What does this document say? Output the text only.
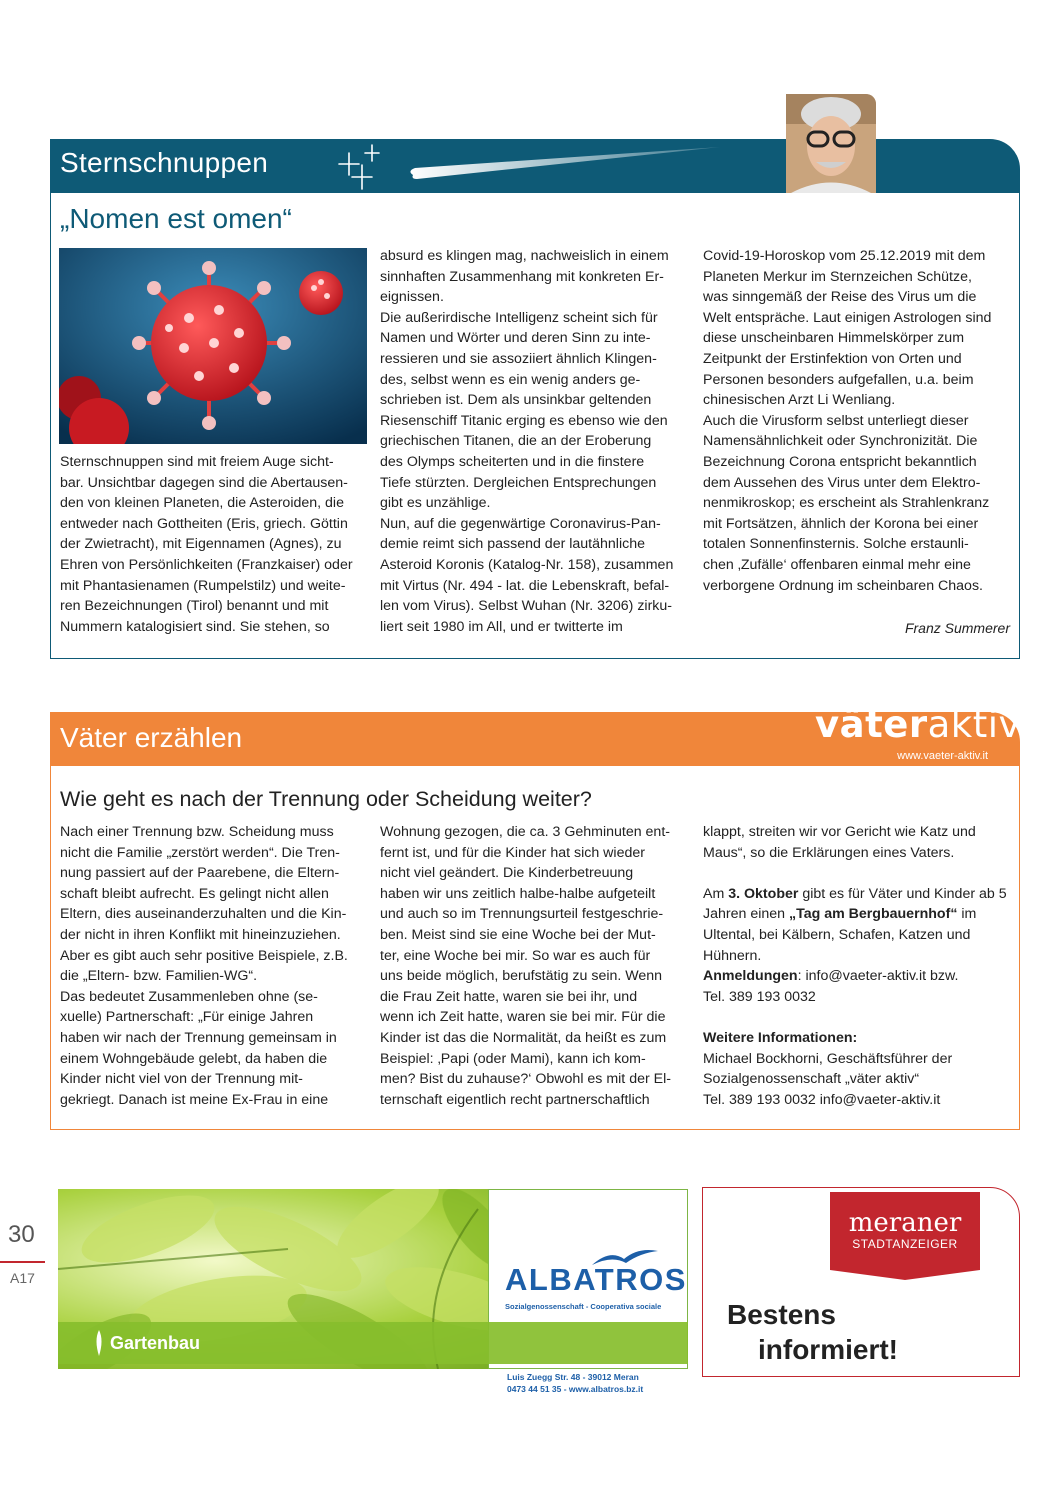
Sternschnuppen
„Nomen est omen“

Sternschnuppen sind mit freiem Auge sicht-

bar. Unsichtbar dagegen sind die Abertausen-

den von kleinen Planeten, die Asteroiden, die

entweder nach Gottheiten (Eris, griech. Göttin

der Zwietracht), mit Eigennamen (Agnes), zu

Ehren von Persönlichkeiten (Franzkaiser) oder

mit Phantasienamen (Rumpelstilz) und weite-

ren Bezeichnungen (Tirol) benannt und mit

Nummern katalogisiert sind. Sie stehen, so

absurd es klingen mag, nachweislich in einem

sinnhaften Zusammenhang mit konkreten Er-

eignissen.

Die außerirdische Intelligenz scheint sich für

Namen und Wörter und deren Sinn zu inte-

ressieren und sie assoziiert ähnlich Klingen-

des, selbst wenn es ein wenig anders ge-

schrieben ist. Dem als unsinkbar geltenden

Riesenschiff Titanic erging es ebenso wie den

griechischen Titanen, die an der Eroberung

des Olymps scheiterten und in die finstere

Tiefe stürzten. Dergleichen Entsprechungen

gibt es unzählige.

Nun, auf die gegenwärtige Coronavirus-Pan-

demie reimt sich passend der lautähnliche

Asteroid Koronis (Katalog-Nr. 158), zusammen

mit Virtus (Nr. 494 - lat. die Lebenskraft, befal-

len vom Virus). Selbst Wuhan (Nr. 3206) zirku-

liert seit 1980 im All, und er twitterte im

Covid-19-Horoskop vom 25.12.2019 mit dem

Planeten Merkur im Sternzeichen Schütze,

was sinngemäß der Reise des Virus um die

Welt entspräche. Laut einigen Astrologen sind

diese unscheinbaren Himmelskörper zum

Zeitpunkt der Erstinfektion von Orten und

Personen besonders aufgefallen, u.a. beim

chinesischen Arzt Li Wenliang.

Auch die Virusform selbst unterliegt dieser

Namensähnlichkeit oder Synchronizität. Die

Bezeichnung Corona entspricht bekanntlich

dem Aussehen des Virus unter dem Elektro-

nenmikroskop; es erscheint als Strahlenkranz

mit Fortsätzen, ähnlich der Korona bei einer

totalen Sonnenfinsternis. Solche erstaunli-

chen ‚Zufälle‘ offenbaren einmal mehr eine

verborgene Ordnung im scheinbaren Chaos.

Franz Summerer
Väter erzählen	väteraktiv
www.vaeter-aktiv.it
Wie geht es nach der Trennung oder Scheidung weiter?

Nach einer Trennung bzw. Scheidung muss

nicht die Familie „zerstört werden“. Die Tren-

nung passiert auf der Paarebene, die Eltern-

schaft bleibt aufrecht. Es gelingt nicht allen

Eltern, dies auseinanderzuhalten und die Kin-

der nicht in ihren Konflikt mit hineinzuziehen.

Aber es gibt auch sehr positive Beispiele, z.B.

die „Eltern- bzw. Familien-WG“.

Das bedeutet Zusammenleben ohne (se-

xuelle) Partnerschaft: „Für einige Jahren

haben wir nach der Trennung gemeinsam in

einem Wohngebäude gelebt, da haben die

Kinder nicht viel von der Trennung mit-

gekriegt. Danach ist meine Ex-Frau in eine

Wohnung gezogen, die ca. 3 Gehminuten ent-

fernt ist, und für die Kinder hat sich wieder

nicht viel geändert. Die Kinderbetreuung

haben wir uns zeitlich halbe-halbe aufgeteilt

und auch so im Trennungsurteil festgeschrie-

ben. Meist sind sie eine Woche bei der Mut-

ter, eine Woche bei mir. So war es auch für

uns beide möglich, berufstätig zu sein. Wenn

die Frau Zeit hatte, waren sie bei ihr, und

wenn ich Zeit hatte, waren sie bei mir. Für die

Kinder ist das die Normalität, da heißt es zum

Beispiel: ‚Papi (oder Mami), kann ich kom-

men? Bist du zuhause?‘ Obwohl es mit der El-

ternschaft eigentlich recht partnerschaftlich

klappt, streiten wir vor Gericht wie Katz und

Maus“, so die Erklärungen eines Vaters.

Am 3. Oktober gibt es für Väter und Kinder ab 5 Jahren einen „Tag am Bergbauernhof“ im Ultental, bei Kälbern, Schafen, Katzen und Hühnern.

Anmeldungen: info@vaeter-aktiv.it bzw.

Tel. 389 193 0032

Weitere Informationen:

Michael Bockhorni, Geschäftsführer der

Sozialgenossenschaft „väter aktiv“

Tel. 389 193 0032 info@vaeter-aktiv.it

30
A17	ALBATROS
Sozialgenossenschaft - Cooperativa sociale
Gartenbau
Luis Zuegg Str. 48 - 39012 Meran
0473 44 51 35 - www.albatros.bz.it
meraner
STADTANZEIGER
Bestens
informiert!
